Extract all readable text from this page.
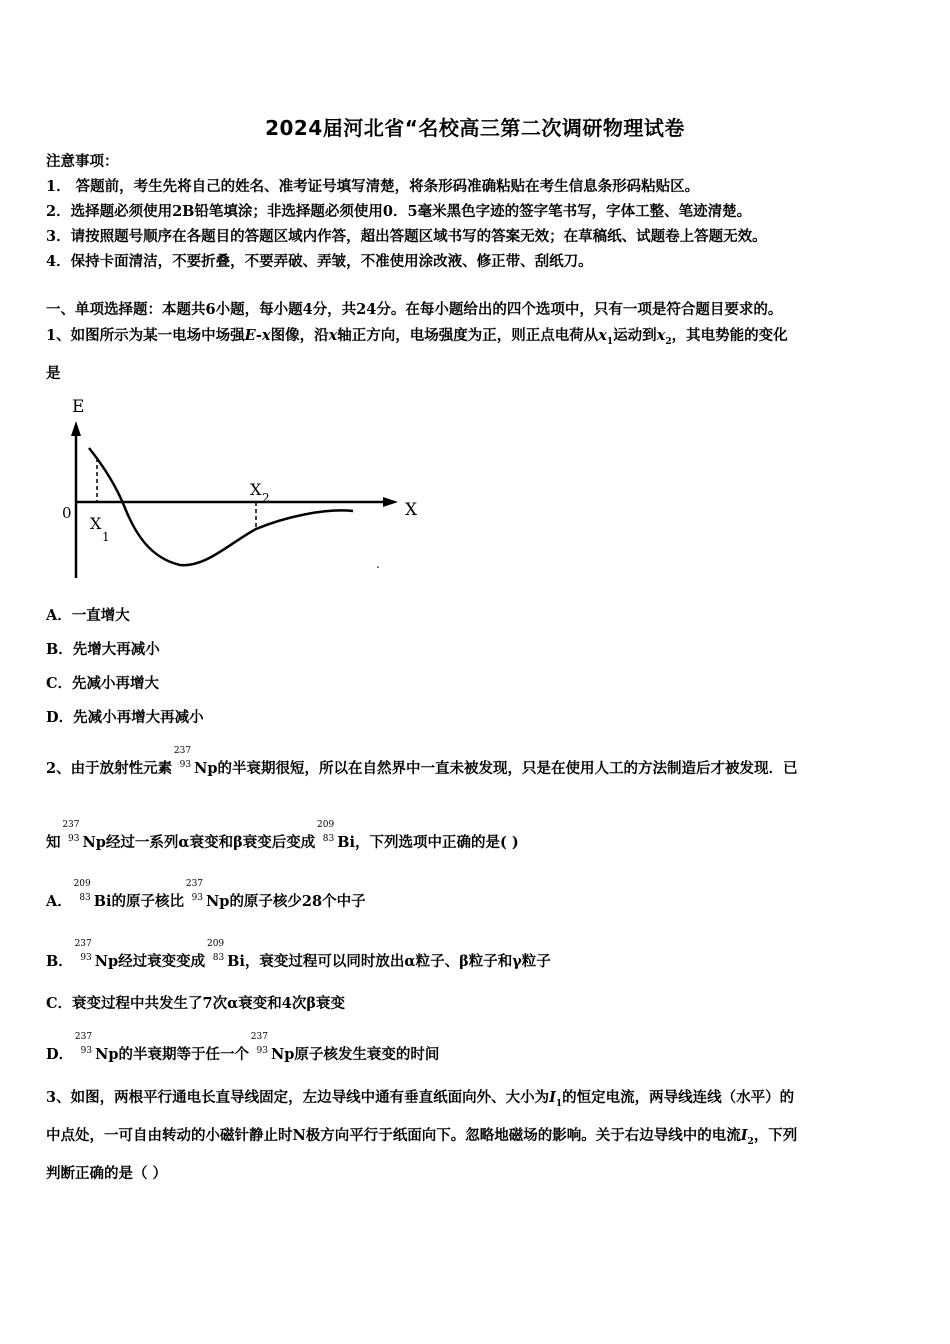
2024届河北省“名校高三第二次调研物理试卷
注意事项：
1． 答题前，考生先将自己的姓名、准考证号填写清楚，将条形码准确粘贴在考生信息条形码粘贴区。
2．选择题必须使用2B铅笔填涂；非选择题必须使用0．5毫米黑色字迹的签字笔书写，字体工整、笔迹清楚。
3．请按照题号顺序在各题目的答题区域内作答，超出答题区域书写的答案无效；在草稿纸、试题卷上答题无效。
4．保持卡面清洁，不要折叠，不要弄破、弄皱，不准使用涂改液、修正带、刮纸刀。
一、单项选择题：本题共6小题，每小题4分，共24分。在每小题给出的四个选项中，只有一项是符合题目要求的。
1、如图所示为某一电场中场强E-x图像，沿x轴正方向，电场强度为正，则正点电荷从$x_1$运动到$x_2$，其电势能的变化
是
E
0	X
X
1
X 2
.
A．一直增大
B．先增大再减小
C．先减小再增大
D．先减小再增大再减小
2、由于放射性元素
237
93 Np的半衰期很短，所以在自然界中一直未被发现，只是在使用人工的方法制造后才被发现．已
知
237
93 Np经过一系列α衰变和β衰变后变成
209
83 Bi，下列选项中正确的是( )
A．
209
83 Bi的原子核比
237
93 Np的原子核少28个中子
B．
237
93 Np经过衰变变成
209
83 Bi，衰变过程可以同时放出α粒子、β粒子和γ粒子
C．衰变过程中共发生了7次α衰变和4次β衰变
D．
237
93 Np的半衰期等于任一个
237
93 Np原子核发生衰变的时间
3、如图，两根平行通电长直导线固定，左边导线中通有垂直纸面向外、大小为$I_1$的恒定电流，两导线连线（水平）的
中点处，一可自由转动的小磁针静止时N极方向平行于纸面向下。忽略地磁场的影响。关于右边导线中的电流$I_2$，下列
判断正确的是（ ）
